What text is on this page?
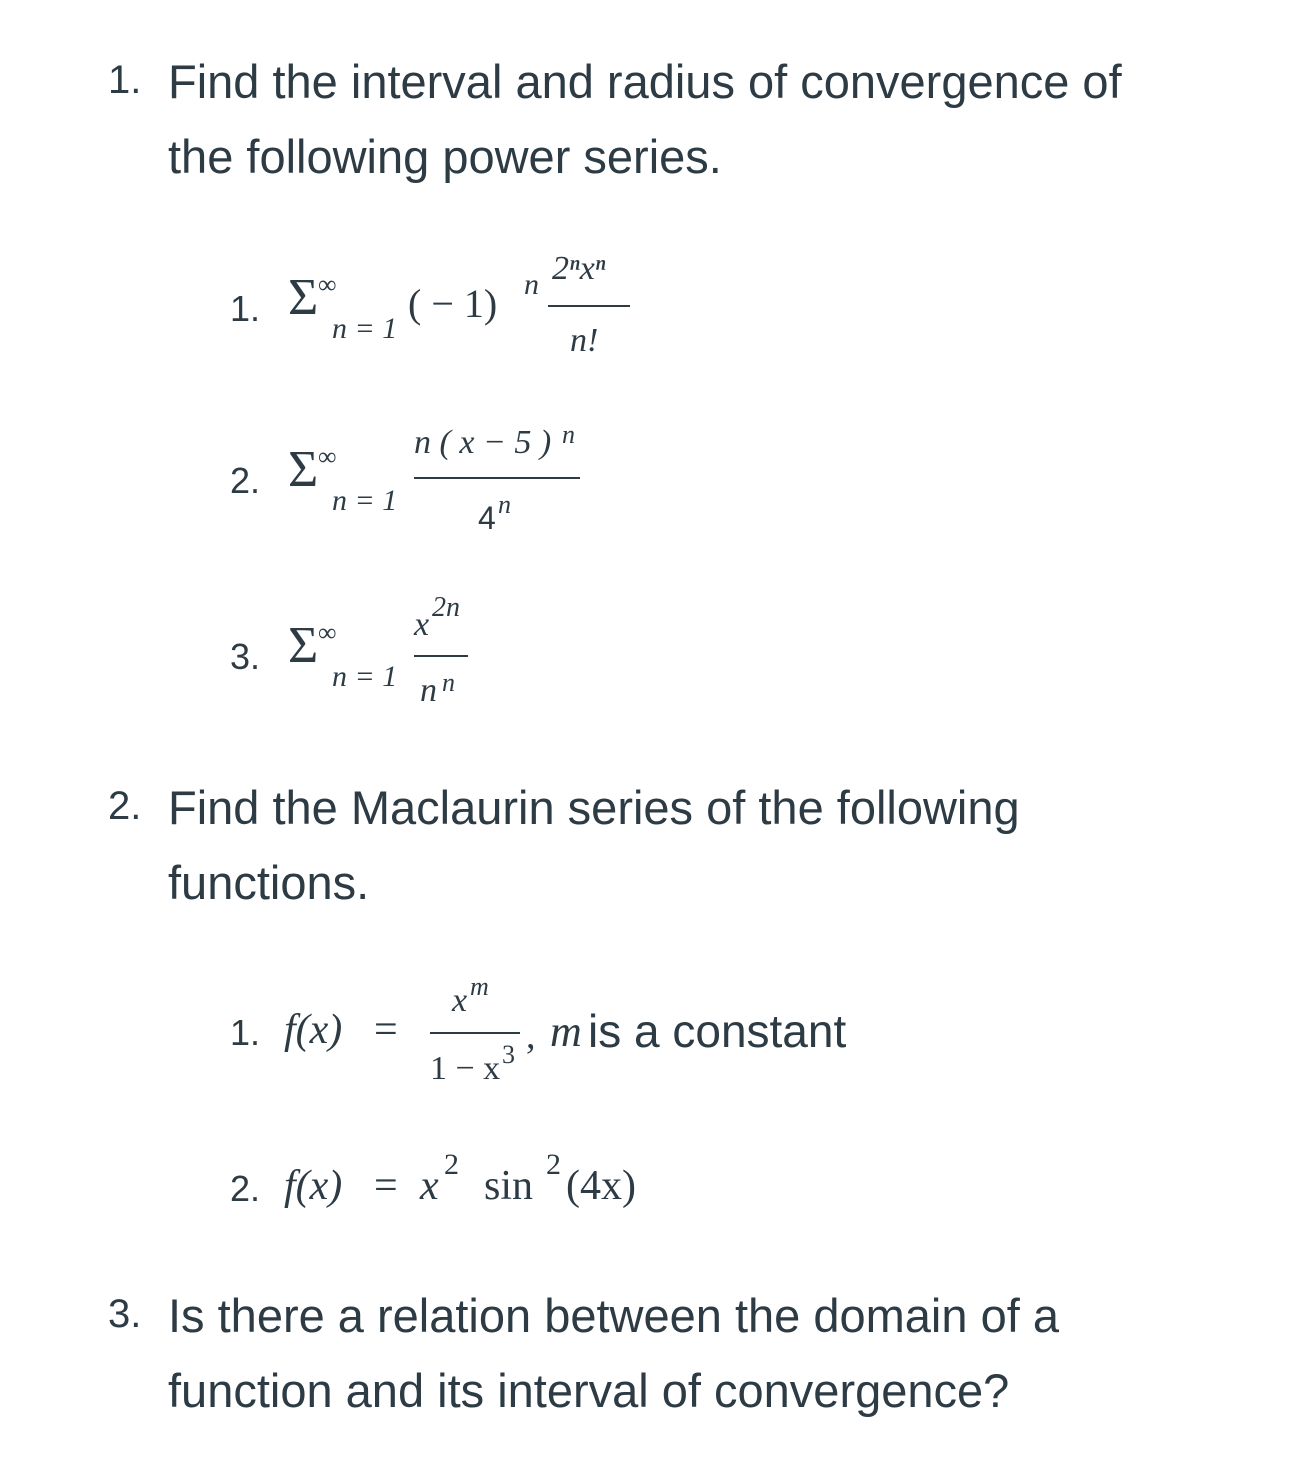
1. Find the interval and radius of convergence of
the following power series.
1. Σ ∞
n = 1
( − 1) n 2ⁿxⁿ
n!
2. Σ ∞
n = 1
n ( x − 5 ) n
4 n
3. Σ ∞
n = 1
x 2n
n n
2. Find the Maclaurin series of the following
functions.
1. f(x) =
x m
1 − x 3 , m is a constant
2. f(x) = x 2 sin 2 (4x)
3. Is there a relation between the domain of a
function and its interval of convergence?
